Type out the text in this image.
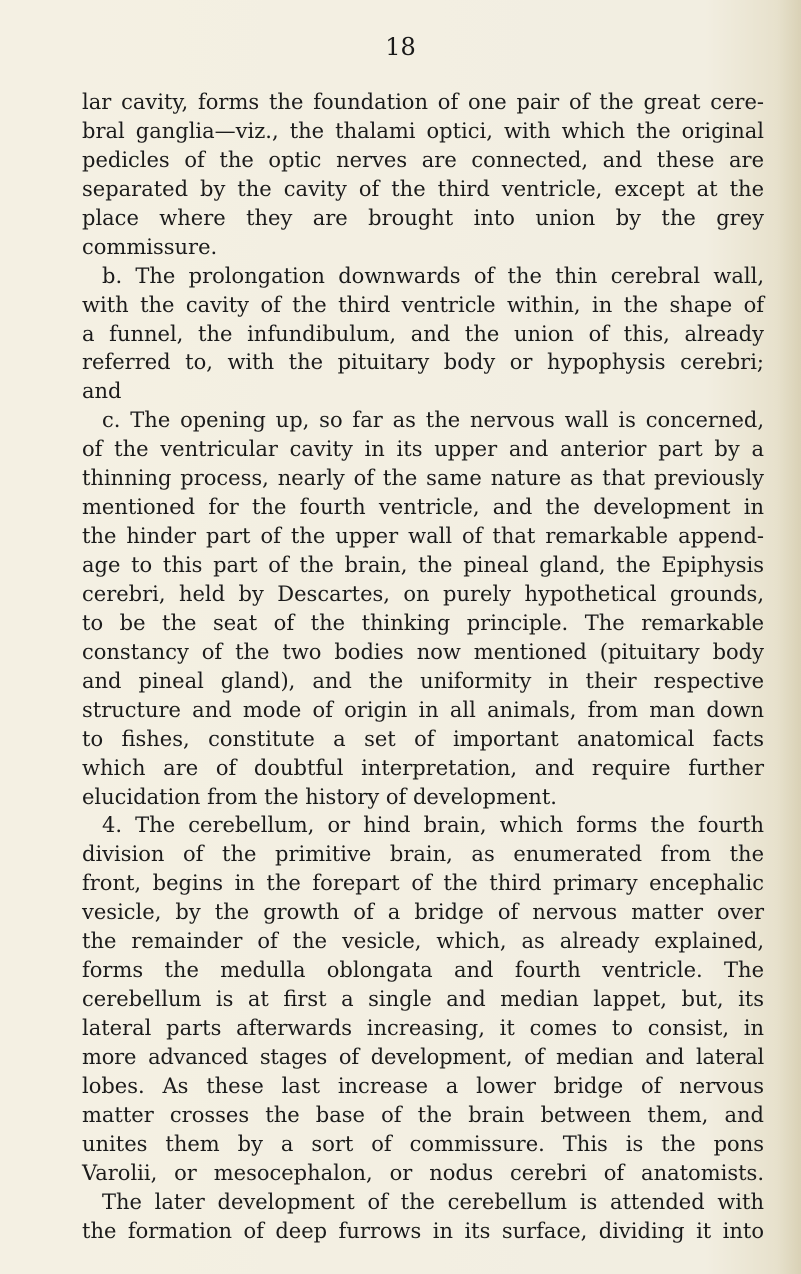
18
lar cavity, forms the foundation of one pair of the great cere-
bral ganglia—viz., the thalami optici, with which the original
pedicles of the optic nerves are connected, and these are
separated by the cavity of the third ventricle, except at the
place where they are brought into union by the grey
commissure.
b. The prolongation downwards of the thin cerebral wall,
with the cavity of the third ventricle within, in the shape of
a funnel, the infundibulum, and the union of this, already
referred to, with the pituitary body or hypophysis cerebri;
and
c. The opening up, so far as the nervous wall is concerned,
of the ventricular cavity in its upper and anterior part by a
thinning process, nearly of the same nature as that previously
mentioned for the fourth ventricle, and the development in
the hinder part of the upper wall of that remarkable append-
age to this part of the brain, the pineal gland, the Epiphysis
cerebri, held by Descartes, on purely hypothetical grounds,
to be the seat of the thinking principle. The remarkable
constancy of the two bodies now mentioned (pituitary body
and pineal gland), and the uniformity in their respective
structure and mode of origin in all animals, from man down
to fishes, constitute a set of important anatomical facts
which are of doubtful interpretation, and require further
elucidation from the history of development.
4. The cerebellum, or hind brain, which forms the fourth
division of the primitive brain, as enumerated from the
front, begins in the forepart of the third primary encephalic
vesicle, by the growth of a bridge of nervous matter over
the remainder of the vesicle, which, as already explained,
forms the medulla oblongata and fourth ventricle. The
cerebellum is at first a single and median lappet, but, its
lateral parts afterwards increasing, it comes to consist, in
more advanced stages of development, of median and lateral
lobes. As these last increase a lower bridge of nervous
matter crosses the base of the brain between them, and
unites them by a sort of commissure. This is the pons
Varolii, or mesocephalon, or nodus cerebri of anatomists.
The later development of the cerebellum is attended with
the formation of deep furrows in its surface, dividing it into
